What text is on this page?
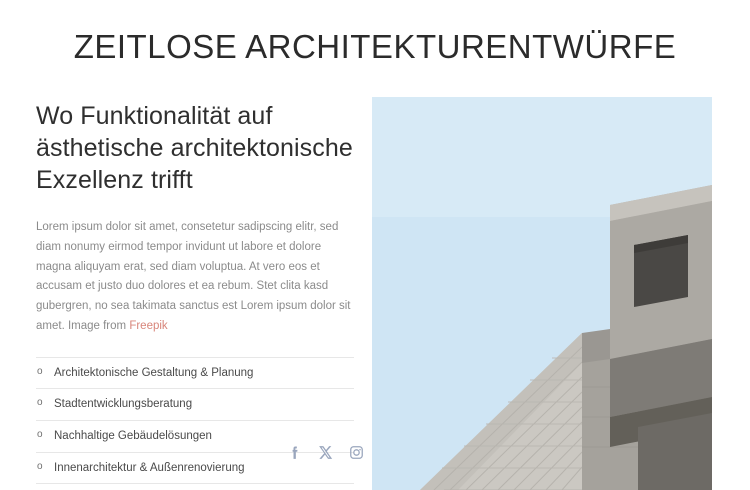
ZEITLOSE ARCHITEKTURENTWÜRFE
Wo Funktionalität auf ästhetische architektonische Exzellenz trifft

Lorem ipsum dolor sit amet, consetetur sadipscing elitr, sed diam nonumy eirmod tempor invidunt ut labore et dolore magna aliquyam erat, sed diam voluptua. At vero eos et accusam et justo duo dolores et ea rebum. Stet clita kasd gubergren, no sea takimata sanctus est Lorem ipsum dolor sit amet. Image from Freepik

o Architektonische Gestaltung & Planung
o Stadtentwicklungsberatung
o Nachhaltige Gebäudelösungen
o Innenarchitektur & Außenrenovierung
